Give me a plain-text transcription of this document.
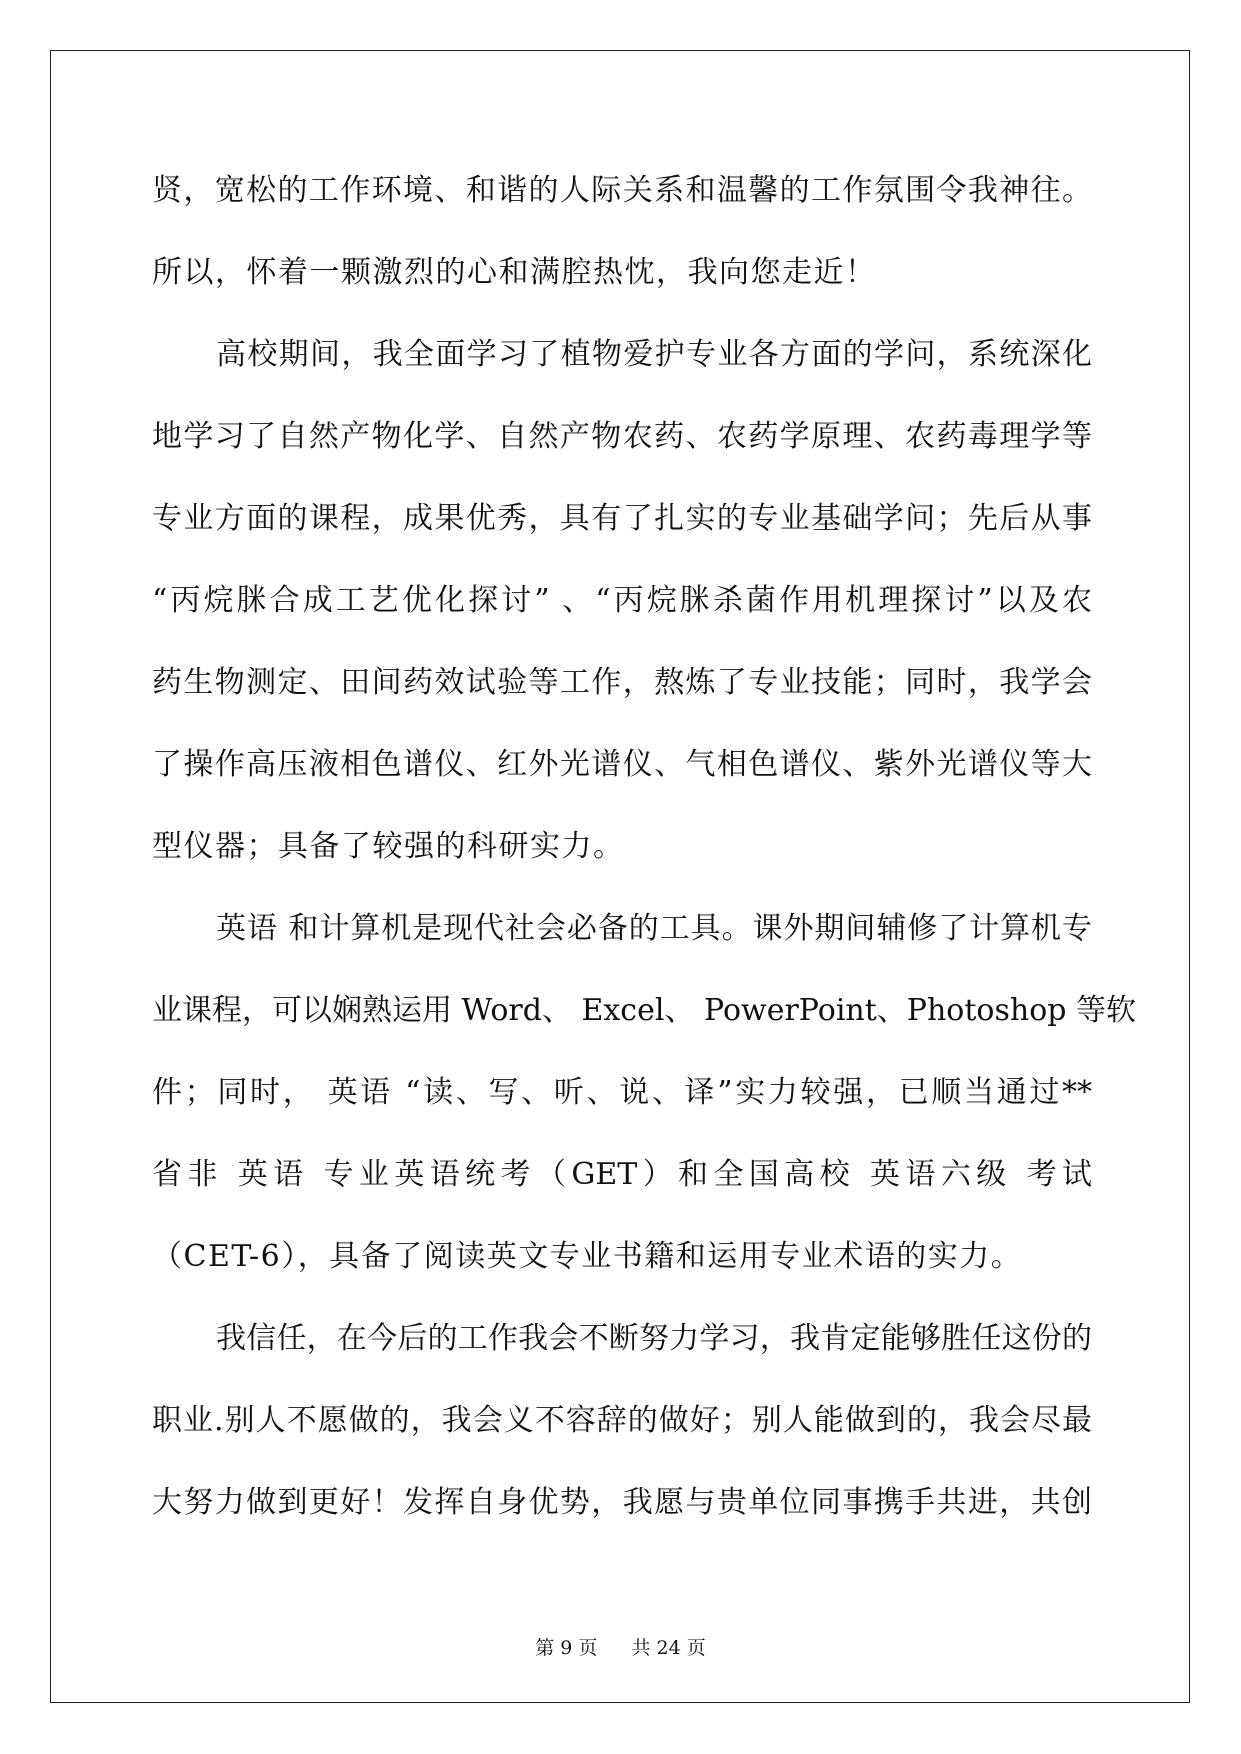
贤，宽松的工作环境、和谐的人际关系和温馨的工作氛围令我神往。
所以，怀着一颗激烈的心和满腔热忱，我向您走近！
高校期间，我全面学习了植物爱护专业各方面的学问，系统深化
地学习了自然产物化学、自然产物农药、农药学原理、农药毒理学等
专业方面的课程，成果优秀，具有了扎实的专业基础学问；先后从事
“丙烷脒合成工艺优化探讨” 、“丙烷脒杀菌作用机理探讨”以及农
药生物测定、田间药效试验等工作，熬炼了专业技能；同时，我学会
了操作高压液相色谱仪、红外光谱仪、气相色谱仪、紫外光谱仪等大
型仪器；具备了较强的科研实力。
英语 和计算机是现代社会必备的工具。课外期间辅修了计算机专
业课程，可以娴熟运用 Word、 Excel、 PowerPoint、Photoshop 等软
件；同时， 英语 “读、写、听、说、译”实力较强，已顺当通过**
省非 英语 专业英语统考（GET）和全国高校 英语六级 考试
（CET-6），具备了阅读英文专业书籍和运用专业术语的实力。
我信任，在今后的工作我会不断努力学习，我肯定能够胜任这份的
职业.别人不愿做的，我会义不容辞的做好；别人能做到的，我会尽最
大努力做到更好！发挥自身优势，我愿与贵单位同事携手共进，共创
第 9 页 共 24 页
